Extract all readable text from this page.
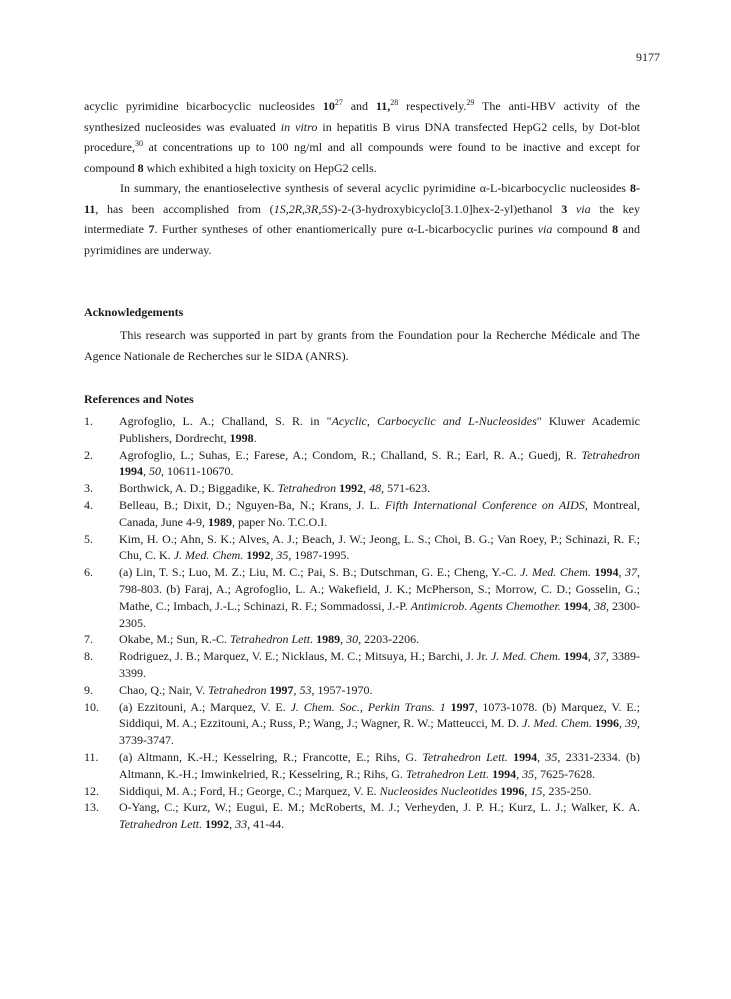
9177

acyclic pyrimidine bicarbocyclic nucleosides $10^{27}$ and 11,28 respectively.$^{29}$ The anti-HBV activity of the synthesized nucleosides was evaluated in vitro in hepatitis B virus DNA transfected HepG2 cells, by Dot-blot procedure,$^{30}$ at concentrations up to 100 ng/ml and all compounds were found to be inactive and except for compound 8 which exhibited a high toxicity on HepG2 cells.

In summary, the enantioselective synthesis of several acyclic pyrimidine α-L-bicarbocyclic nucleosides 8-11, has been accomplished from (1S,2R,3R,5S)-2-(3-hydroxybicyclo[3.1.0]hex-2-yl)ethanol 3 via the key intermediate 7. Further syntheses of other enantiomerically pure α-L-bicarbocyclic purines via compound 8 and pyrimidines are underway.

Acknowledgements
This research was supported in part by grants from the Foundation pour la Recherche Médicale and The Agence Nationale de Recherches sur le SIDA (ANRS).
References and Notes
1.	Agrofoglio, L. A.; Challand, S. R. in "Acyclic, Carbocyclic and L-Nucleosides" Kluwer Academic Publishers, Dordrecht, 1998.
2.	Agrofoglio, L.; Suhas, E.; Farese, A.; Condom, R.; Challand, S. R.; Earl, R. A.; Guedj, R. Tetrahedron 1994, 50, 10611-10670.
3.	Borthwick, A. D.; Biggadike, K. Tetrahedron 1992, 48, 571-623.
4.	Belleau, B.; Dixit, D.; Nguyen-Ba, N.; Krans, J. L. Fifth International Conference on AIDS, Montreal, Canada, June 4-9, 1989, paper No. T.C.O.I.
5.	Kim, H. O.; Ahn, S. K.; Alves, A. J.; Beach, J. W.; Jeong, L. S.; Choi, B. G.; Van Roey, P.; Schinazi, R. F.; Chu, C. K. J. Med. Chem. 1992, 35, 1987-1995.
6.	(a) Lin, T. S.; Luo, M. Z.; Liu, M. C.; Pai, S. B.; Dutschman, G. E.; Cheng, Y.-C. J. Med. Chem. 1994, 37, 798-803. (b) Faraj, A.; Agrofoglio, L. A.; Wakefield, J. K.; McPherson, S.; Morrow, C. D.; Gosselin, G.; Mathe, C.; Imbach, J.-L.; Schinazi, R. F.; Sommadossi, J.-P. Antimicrob. Agents Chemother. 1994, 38, 2300-2305.
7.	Okabe, M.; Sun, R.-C. Tetrahedron Lett. 1989, 30, 2203-2206.
8.	Rodriguez, J. B.; Marquez, V. E.; Nicklaus, M. C.; Mitsuya, H.; Barchi, J. Jr. J. Med. Chem. 1994, 37, 3389-3399.
9.	Chao, Q.; Nair, V. Tetrahedron 1997, 53, 1957-1970.
10.	(a) Ezzitouni, A.; Marquez, V. E. J. Chem. Soc., Perkin Trans. 1 1997, 1073-1078. (b) Marquez, V. E.; Siddiqui, M. A.; Ezzitouni, A.; Russ, P.; Wang, J.; Wagner, R. W.; Matteucci, M. D. J. Med. Chem. 1996, 39, 3739-3747.
11.	(a) Altmann, K.-H.; Kesselring, R.; Francotte, E.; Rihs, G. Tetrahedron Lett. 1994, 35, 2331-2334. (b) Altmann, K.-H.; Imwinkelried, R.; Kesselring, R.; Rihs, G. Tetrahedron Lett. 1994, 35, 7625-7628.
12.	Siddiqui, M. A.; Ford, H.; George, C.; Marquez, V. E. Nucleosides Nucleotides 1996, 15, 235-250.
13.	O-Yang, C.; Kurz, W.; Eugui, E. M.; McRoberts, M. J.; Verheyden, J. P. H.; Kurz, L. J.; Walker, K. A. Tetrahedron Lett. 1992, 33, 41-44.
